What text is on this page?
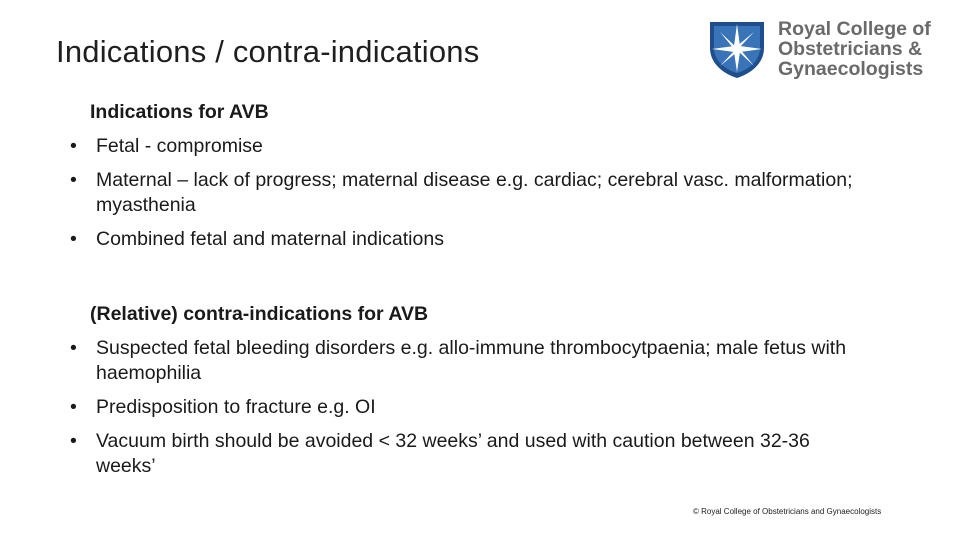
Indications / contra-indications
Royal College of
Obstetricians &
Gynaecologists
Indications for AVB
• Fetal - compromise
• Maternal – lack of progress; maternal disease e.g. cardiac; cerebral vasc. malformation; myasthenia
• Combined fetal and maternal indications
(Relative) contra-indications for AVB
• Suspected fetal bleeding disorders e.g. allo-immune thrombocytpaenia; male fetus with haemophilia
• Predisposition to fracture e.g. OI
• Vacuum birth should be avoided < 32 weeks’ and used with caution between 32-36 weeks’
© Royal College of Obstetricians and Gynaecologists
